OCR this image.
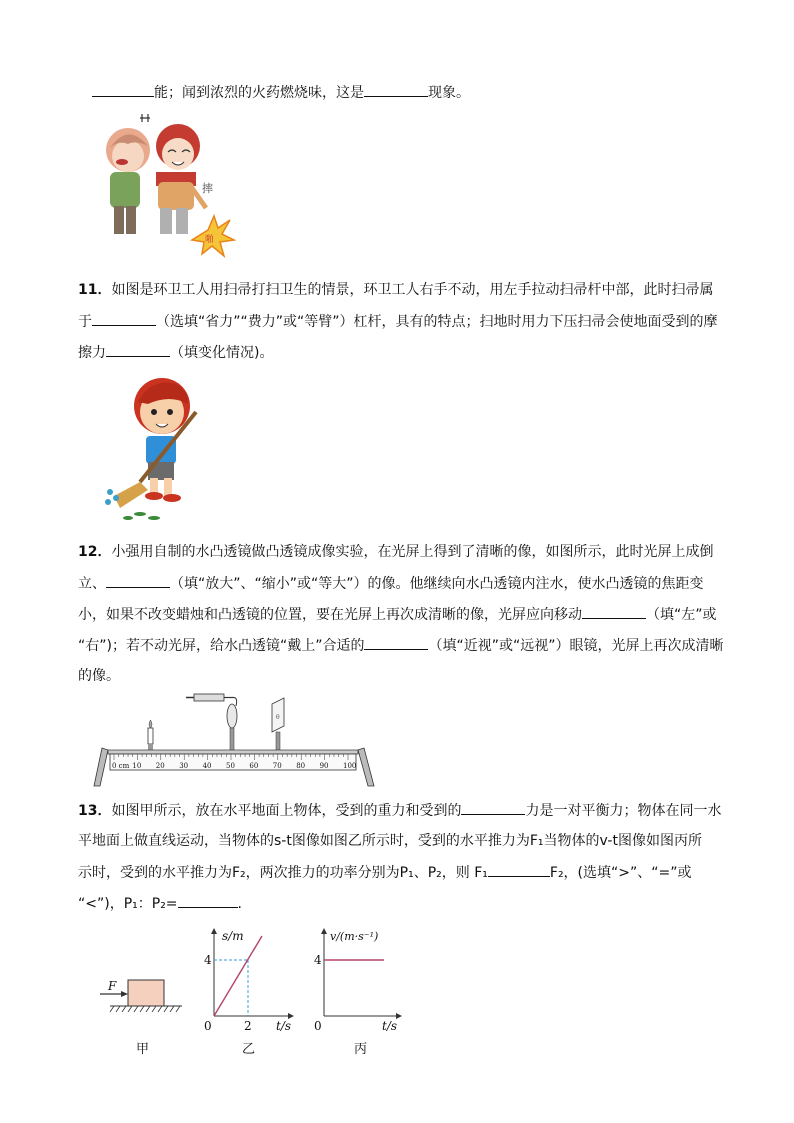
能；闻到浓烈的火药燃烧味，这是	现象。
摔
啪
11．如图是环卫工人用扫帚打扫卫生的情景，环卫工人右手不动，用左手拉动扫帚杆中部，此时扫帚属
于	（选填“省力”“费力”或“等臂”）杠杆，具有的特点；扫地时用力下压扫帚会使地面受到的摩
擦力	（填变化情况)。
12．小强用自制的水凸透镜做凸透镜成像实验，在光屏上得到了清晰的像，如图所示，此时光屏上成倒
立、	（填“放大”、“缩小”或“等大”）的像。他继续向水凸透镜内注水，使水凸透镜的焦距变
小，如果不改变蜡烛和凸透镜的位置，要在光屏上再次成清晰的像，光屏应向移动	（填“左”或
“右”)；若不动光屏，给水凸透镜“戴上”合适的	（填“近视”或“远视”）眼镜，光屏上再次成清晰
的像。
θ
0 cm 10 20 30 40 50 60 70 80 90 100
13．如图甲所示，放在水平地面上物体，受到的重力和受到的	力是一对平衡力；物体在同一水
平地面上做直线运动，当物体的s-t图像如图乙所示时，受到的水平推力为F₁当物体的v-t图像如图丙所
示时，受到的水平推力为F₂，两次推力的功率分别为P₁、P₂，则 F₁	F₂，(选填“>”、“=”或
“<”)，P₁：P₂=	.
F
s/m
t/s
0
4
2
v/(m·s⁻¹)
t/s
0
4
甲	乙	丙
